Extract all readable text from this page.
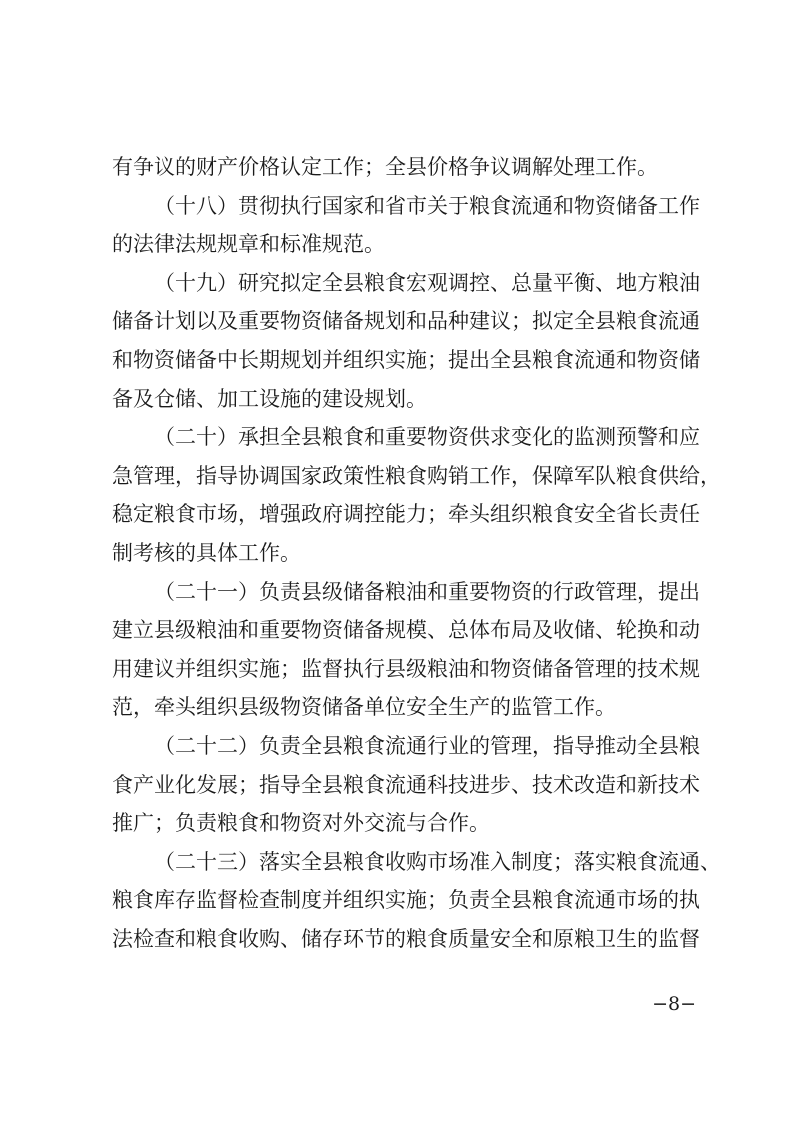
有争议的财产价格认定工作；全县价格争议调解处理工作。
（十八）贯彻执行国家和省市关于粮食流通和物资储备工作
的法律法规规章和标准规范。
（十九）研究拟定全县粮食宏观调控、总量平衡、地方粮油
储备计划以及重要物资储备规划和品种建议；拟定全县粮食流通
和物资储备中长期规划并组织实施；提出全县粮食流通和物资储
备及仓储、加工设施的建设规划。
（二十）承担全县粮食和重要物资供求变化的监测预警和应
急管理，指导协调国家政策性粮食购销工作，保障军队粮食供给，
稳定粮食市场，增强政府调控能力；牵头组织粮食安全省长责任
制考核的具体工作。
（二十一）负责县级储备粮油和重要物资的行政管理，提出
建立县级粮油和重要物资储备规模、总体布局及收储、轮换和动
用建议并组织实施；监督执行县级粮油和物资储备管理的技术规
范，牵头组织县级物资储备单位安全生产的监管工作。
（二十二）负责全县粮食流通行业的管理，指导推动全县粮
食产业化发展；指导全县粮食流通科技进步、技术改造和新技术
推广；负责粮食和物资对外交流与合作。
（二十三）落实全县粮食收购市场准入制度；落实粮食流通、
粮食库存监督检查制度并组织实施；负责全县粮食流通市场的执
法检查和粮食收购、储存环节的粮食质量安全和原粮卫生的监督
−8−
